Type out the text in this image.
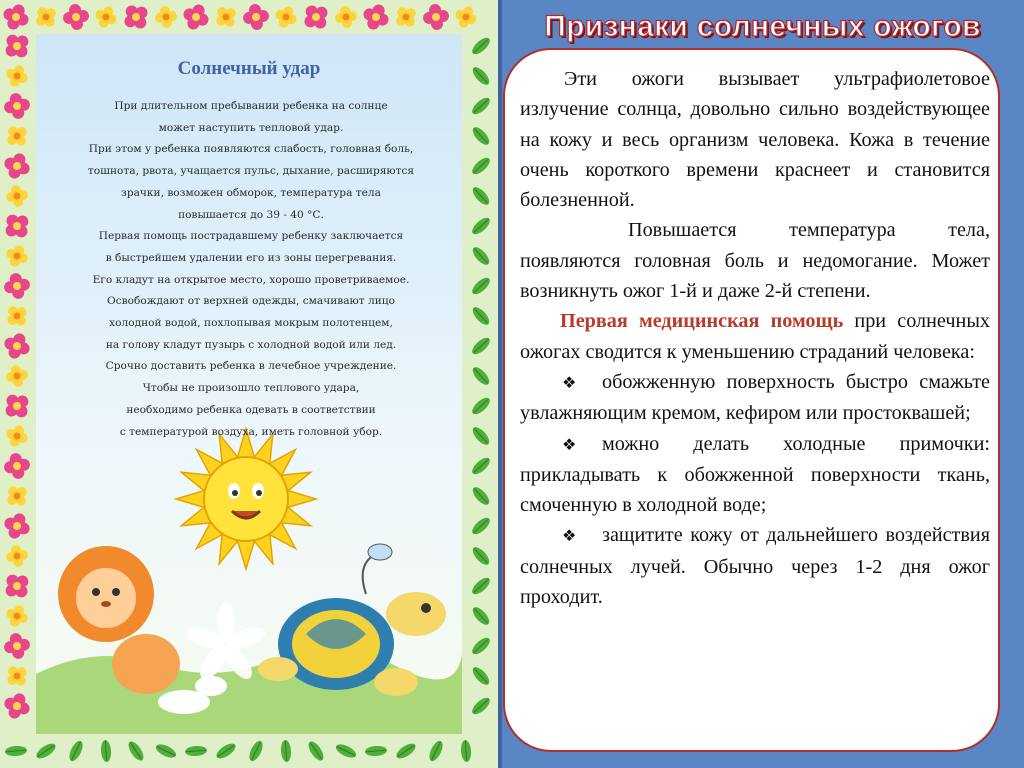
Солнечный удар
При длительном пребывании ребенка на солнце
может наступить тепловой удар.
При этом у ребенка появляются слабость, головная боль,
тошнота, рвота, учащается пульс, дыхание, расширяются
зрачки, возможен обморок, температура тела
повышается до 39 - 40 °С.
Первая помощь пострадавшему ребенку заключается
в быстрейшем удалении его из зоны перегревания.
Его кладут на открытое место, хорошо проветриваемое.
Освобождают от верхней одежды, смачивают лицо
холодной водой, похлопывая мокрым полотенцем,
на голову кладут пузырь с холодной водой или лед.
Срочно доставить ребенка в лечебное учреждение.
Чтобы не произошло теплового удара,
необходимо ребенка одевать в соответствии
с температурой воздуха, иметь головной убор.
Признаки солнечных ожогов

Эти ожоги вызывает ультрафиолетовое излучение солнца, довольно сильно воздействующее на кожу и весь организм человека. Кожа в течение очень короткого времени краснеет и становится болезненной.

Повышается температура тела, появляются головная боль и недомогание. Может возникнуть ожог 1-й и даже 2-й степени.

Первая медицинская помощь при солнечных ожогах сводится к уменьшению страданий человека:

❖ обожженную поверхность быстро смажьте увлажняющим кремом, кефиром или простоквашей;

❖ можно делать холодные примочки: прикладывать к обожженной поверхности ткань, смоченную в холодной воде;

❖ защитите кожу от дальнейшего воздействия солнечных лучей. Обычно через 1-2 дня ожог проходит.
